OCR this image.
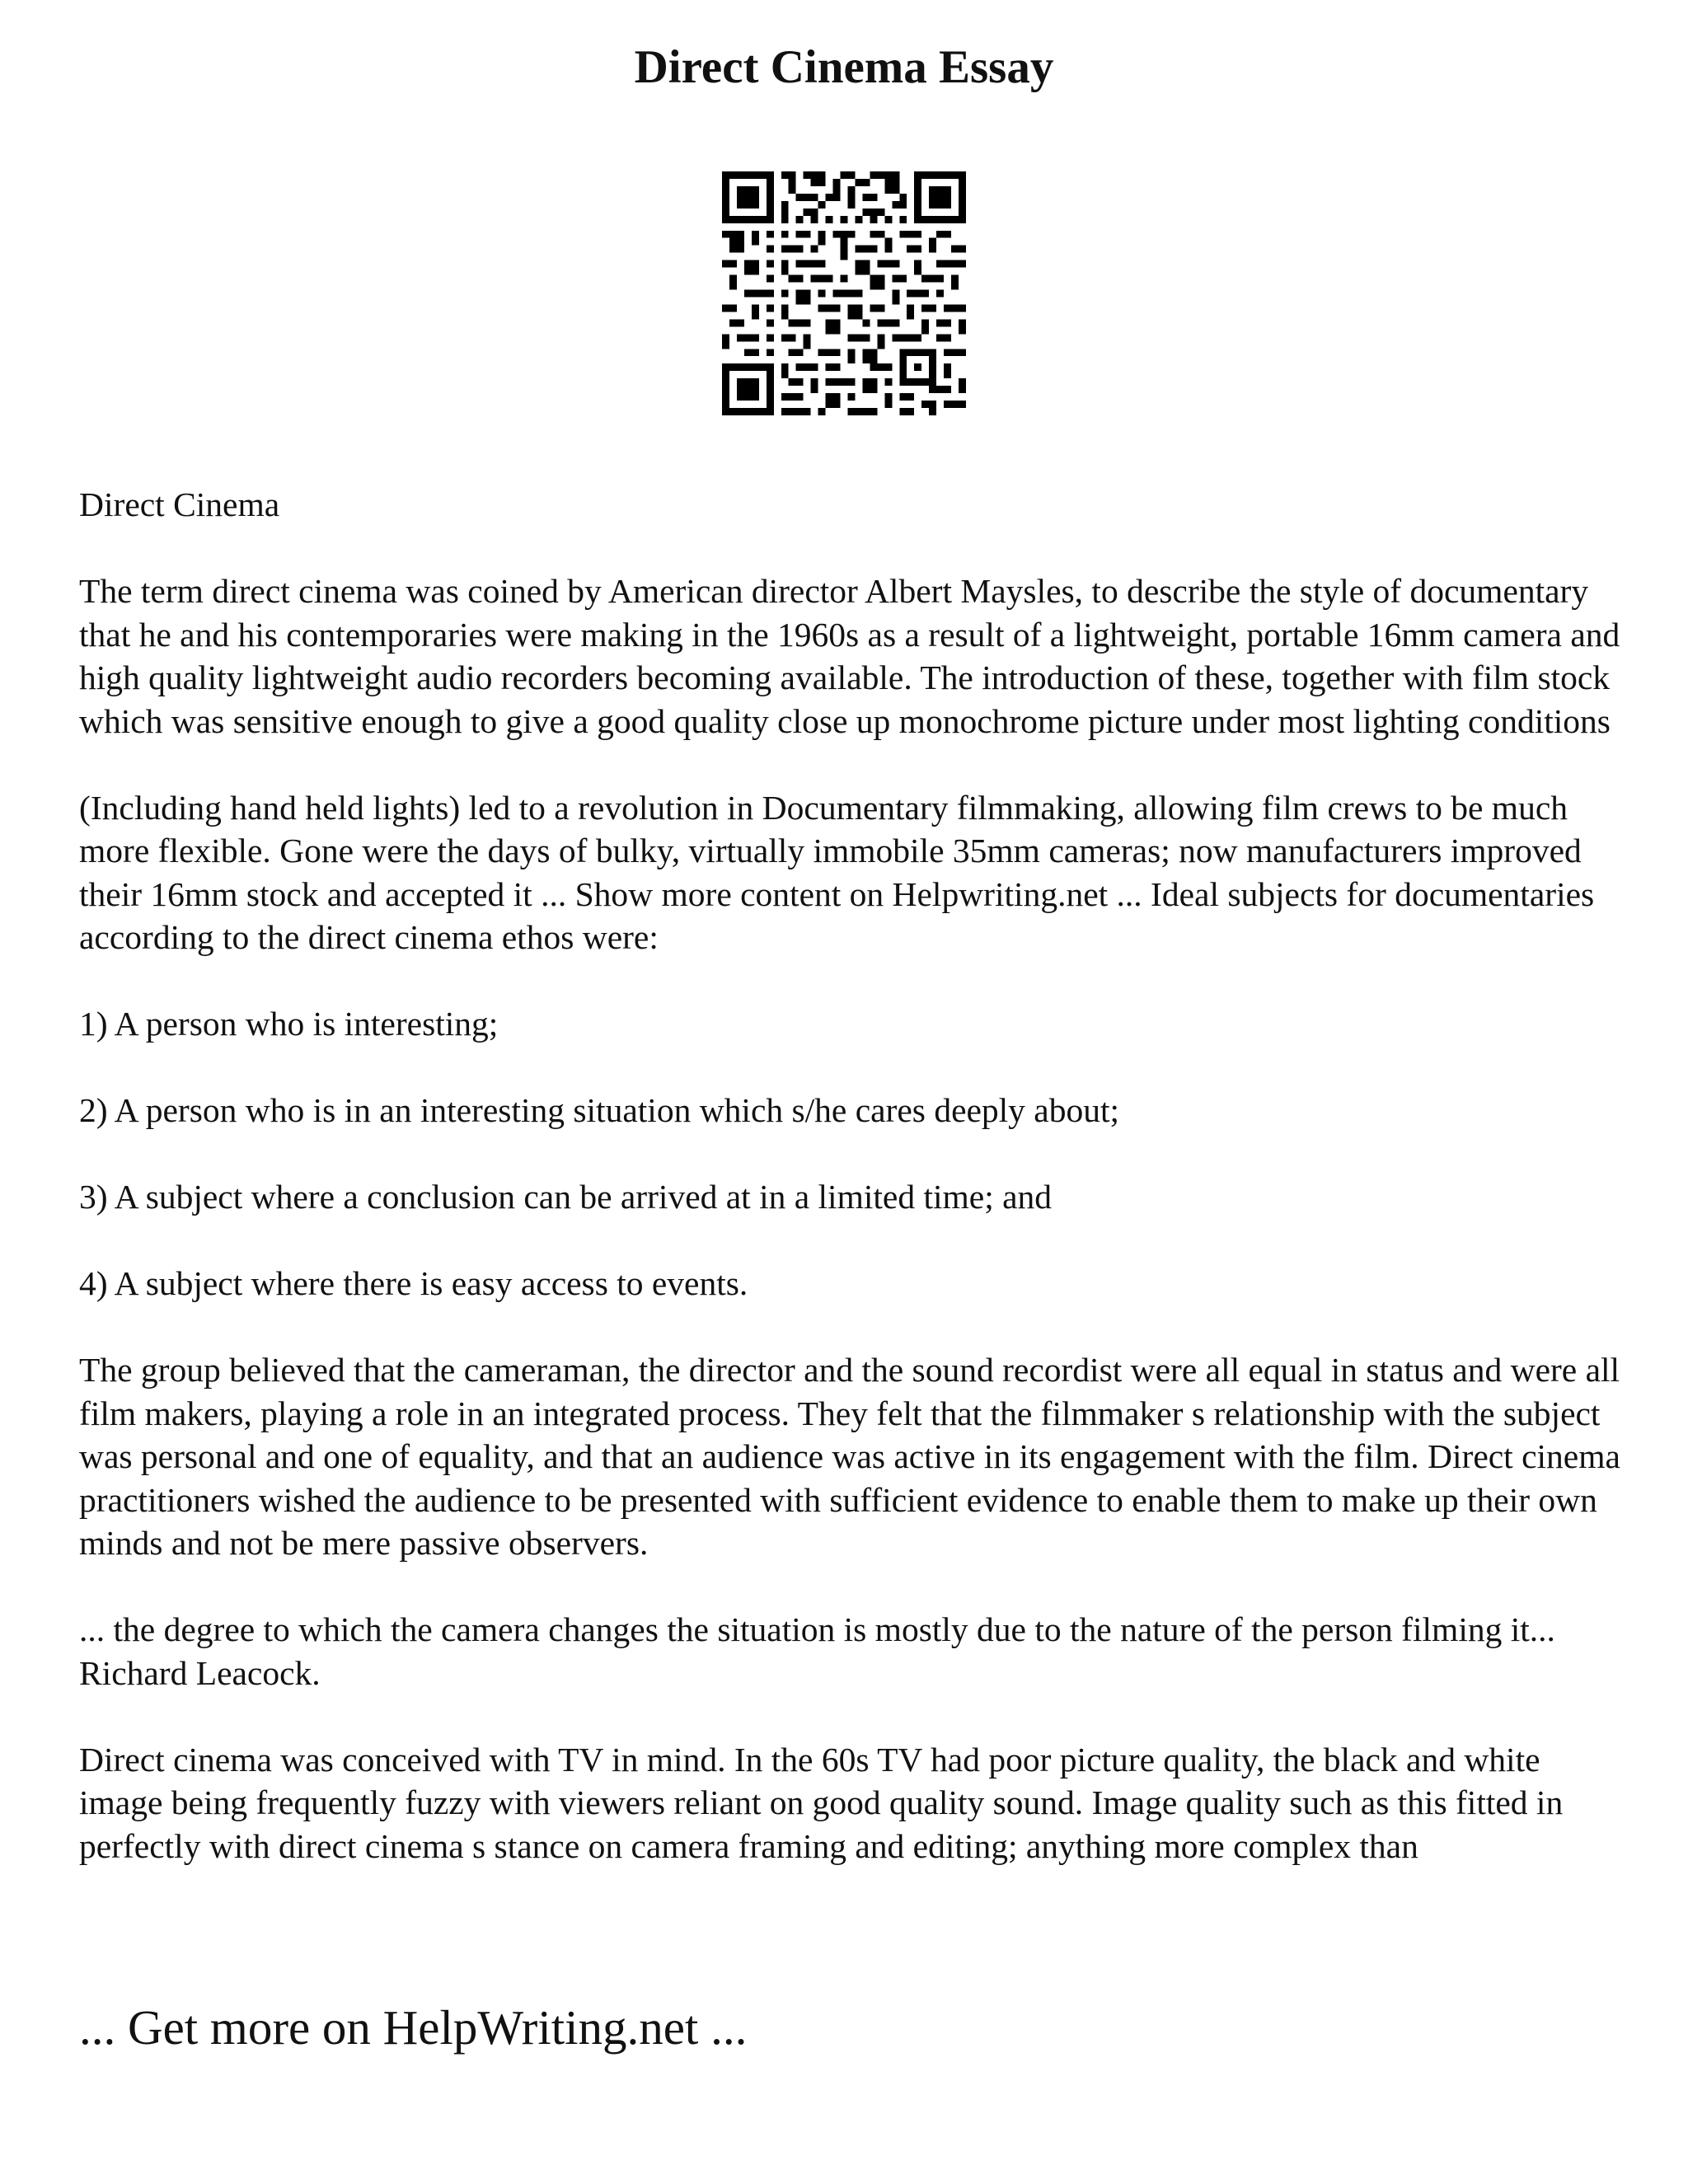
Direct Cinema Essay

Direct Cinema

The term direct cinema was coined by American director Albert Maysles, to describe the style of documentary that he and his contemporaries were making in the 1960s as a result of a lightweight, portable 16mm camera and high quality lightweight audio recorders becoming available. The introduction of these, together with film stock which was sensitive enough to give a good quality close up monochrome picture under most lighting conditions

(Including hand held lights) led to a revolution in Documentary filmmaking, allowing film crews to be much more flexible. Gone were the days of bulky, virtually immobile 35mm cameras; now manufacturers improved their 16mm stock and accepted it ... Show more content on Helpwriting.net ... Ideal subjects for documentaries according to the direct cinema ethos were:

1) A person who is interesting;

2) A person who is in an interesting situation which s/he cares deeply about;

3) A subject where a conclusion can be arrived at in a limited time; and

4) A subject where there is easy access to events.

The group believed that the cameraman, the director and the sound recordist were all equal in status and were all film makers, playing a role in an integrated process. They felt that the filmmaker s relationship with the subject was personal and one of equality, and that an audience was active in its engagement with the film. Direct cinema practitioners wished the audience to be presented with sufficient evidence to enable them to make up their own minds and not be mere passive observers.

... the degree to which the camera changes the situation is mostly due to the nature of the person filming it... Richard Leacock.

Direct cinema was conceived with TV in mind. In the 60s TV had poor picture quality, the black and white image being frequently fuzzy with viewers reliant on good quality sound. Image quality such as this fitted in perfectly with direct cinema s stance on camera framing and editing; anything more complex than

... Get more on HelpWriting.net ...
